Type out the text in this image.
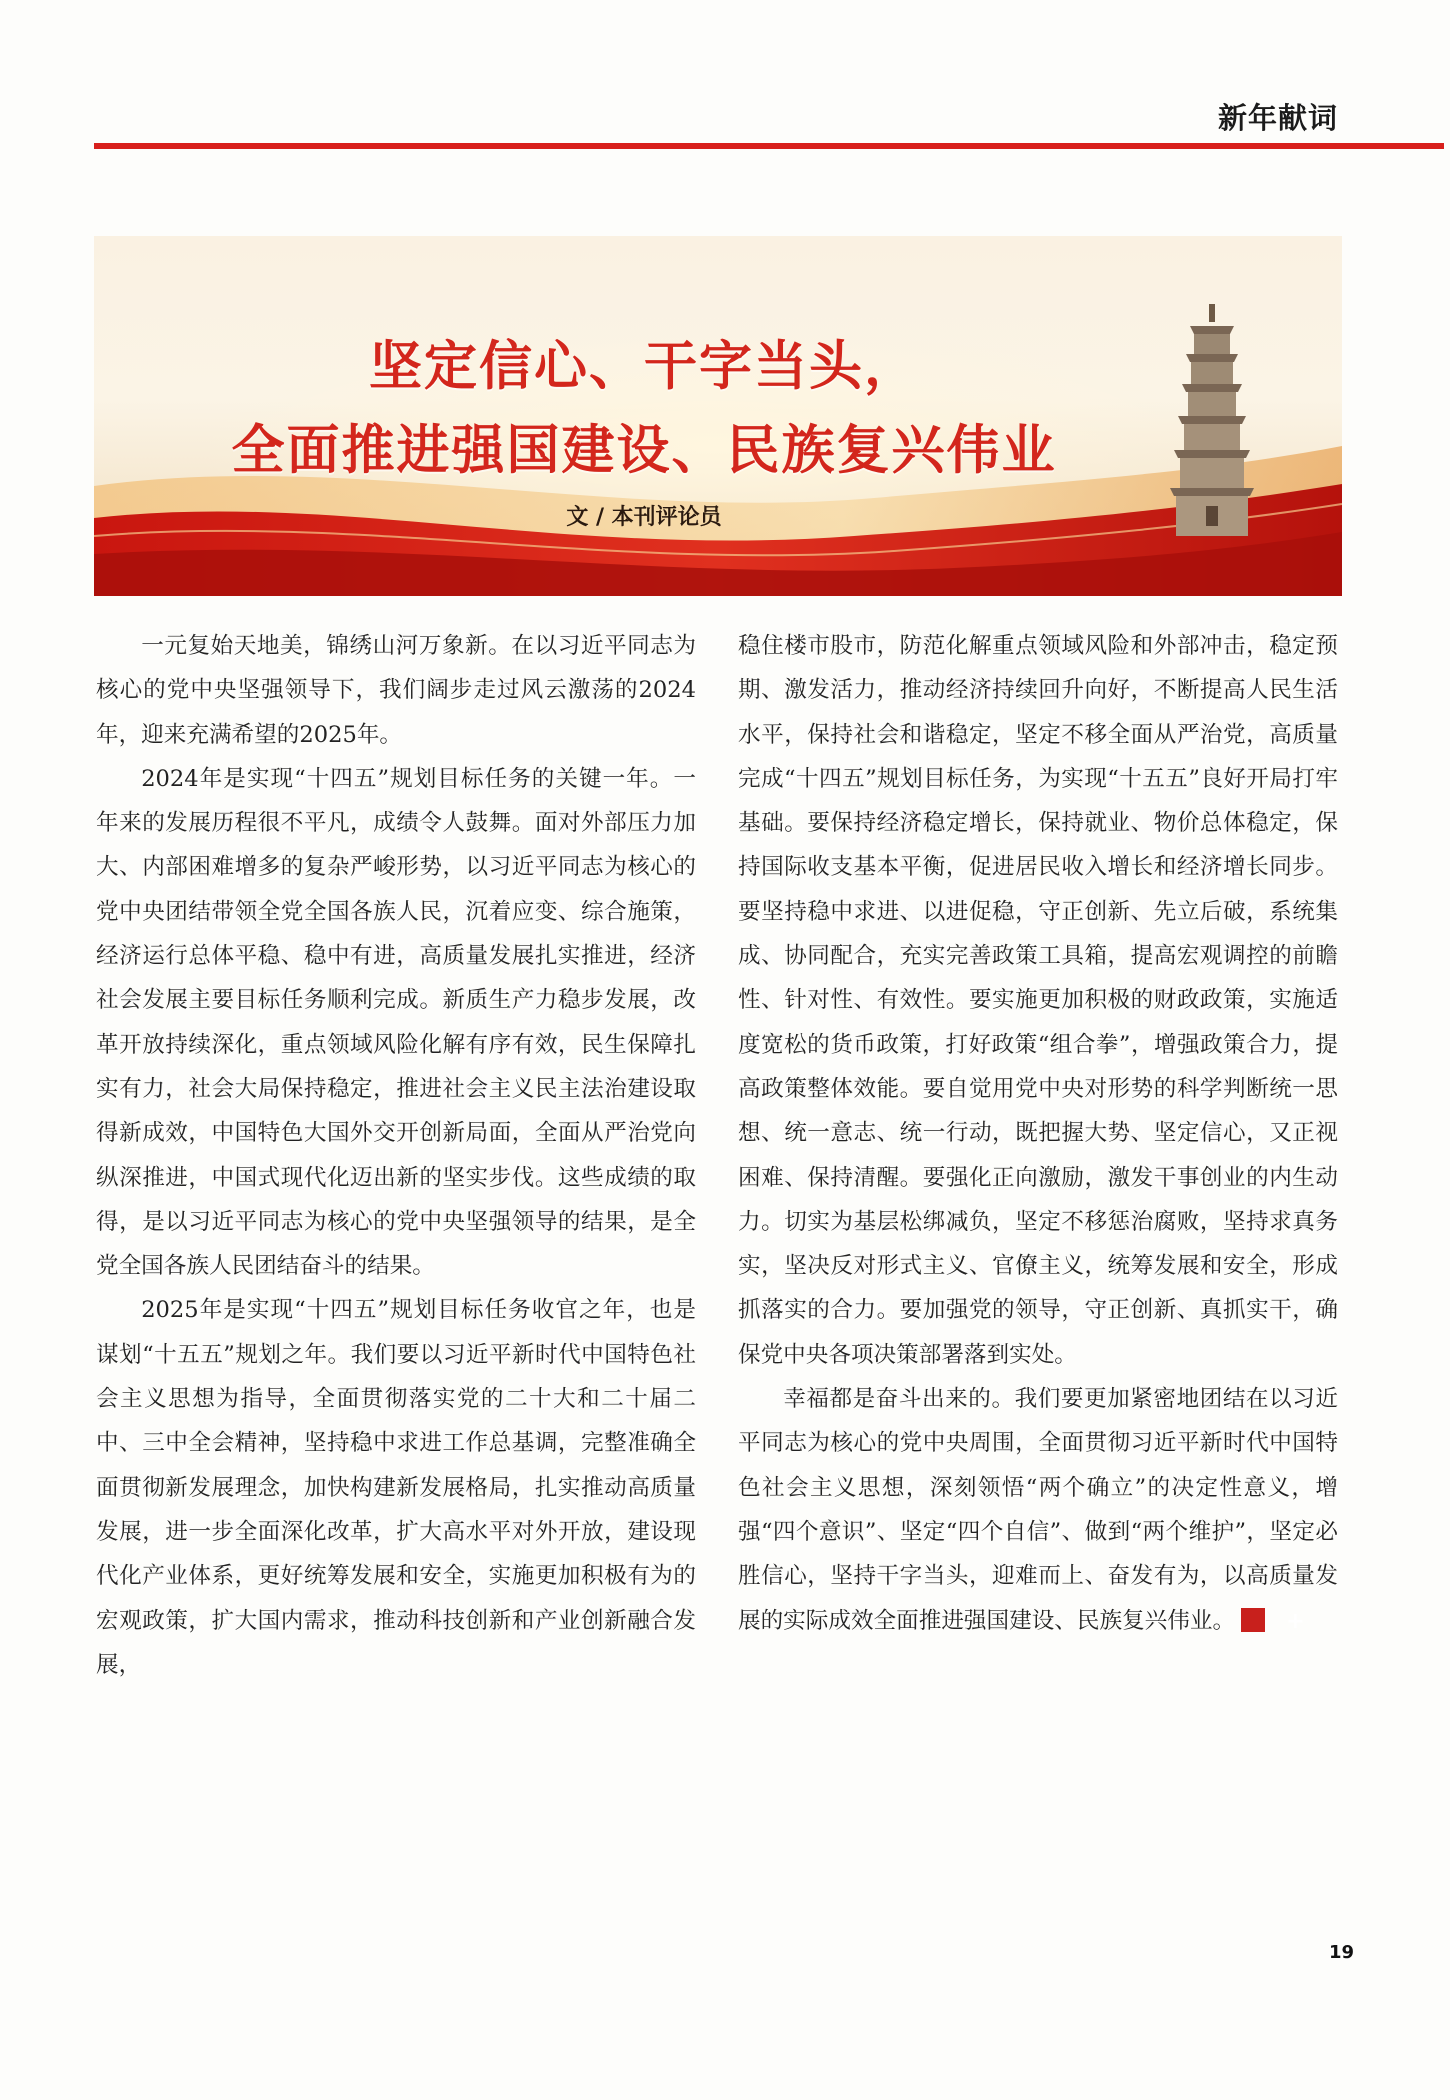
新年献词
坚定信心、干字当头，
全面推进强国建设、民族复兴伟业
文 / 本刊评论员

一元复始天地美，锦绣山河万象新。在以习近平同志为核心的党中央坚强领导下，我们阔步走过风云激荡的2024年，迎来充满希望的2025年。

2024年是实现“十四五”规划目标任务的关键一年。一年来的发展历程很不平凡，成绩令人鼓舞。面对外部压力加大、内部困难增多的复杂严峻形势，以习近平同志为核心的党中央团结带领全党全国各族人民，沉着应变、综合施策，经济运行总体平稳、稳中有进，高质量发展扎实推进，经济社会发展主要目标任务顺利完成。新质生产力稳步发展，改革开放持续深化，重点领域风险化解有序有效，民生保障扎实有力，社会大局保持稳定，推进社会主义民主法治建设取得新成效，中国特色大国外交开创新局面，全面从严治党向纵深推进，中国式现代化迈出新的坚实步伐。这些成绩的取得，是以习近平同志为核心的党中央坚强领导的结果，是全党全国各族人民团结奋斗的结果。

2025年是实现“十四五”规划目标任务收官之年，也是谋划“十五五”规划之年。我们要以习近平新时代中国特色社会主义思想为指导，全面贯彻落实党的二十大和二十届二中、三中全会精神，坚持稳中求进工作总基调，完整准确全面贯彻新发展理念，加快构建新发展格局，扎实推动高质量发展，进一步全面深化改革，扩大高水平对外开放，建设现代化产业体系，更好统筹发展和安全，实施更加积极有为的宏观政策，扩大国内需求，推动科技创新和产业创新融合发展，

稳住楼市股市，防范化解重点领域风险和外部冲击，稳定预期、激发活力，推动经济持续回升向好，不断提高人民生活水平，保持社会和谐稳定，坚定不移全面从严治党，高质量完成“十四五”规划目标任务，为实现“十五五”良好开局打牢基础。要保持经济稳定增长，保持就业、物价总体稳定，保持国际收支基本平衡，促进居民收入增长和经济增长同步。要坚持稳中求进、以进促稳，守正创新、先立后破，系统集成、协同配合，充实完善政策工具箱，提高宏观调控的前瞻性、针对性、有效性。要实施更加积极的财政政策，实施适度宽松的货币政策，打好政策“组合拳”，增强政策合力，提高政策整体效能。要自觉用党中央对形势的科学判断统一思想、统一意志、统一行动，既把握大势、坚定信心，又正视困难、保持清醒。要强化正向激励，激发干事创业的内生动力。切实为基层松绑减负，坚定不移惩治腐败，坚持求真务实，坚决反对形式主义、官僚主义，统筹发展和安全，形成抓落实的合力。要加强党的领导，守正创新、真抓实干，确保党中央各项决策部署落到实处。

幸福都是奋斗出来的。我们要更加紧密地团结在以习近平同志为核心的党中央周围，全面贯彻习近平新时代中国特色社会主义思想，深刻领悟“两个确立”的决定性意义，增强“四个意识”、坚定“四个自信”、做到“两个维护”，坚定必胜信心，坚持干字当头，迎难而上、奋发有为，以高质量发展的实际成效全面推进强国建设、民族复兴伟业。+

19
